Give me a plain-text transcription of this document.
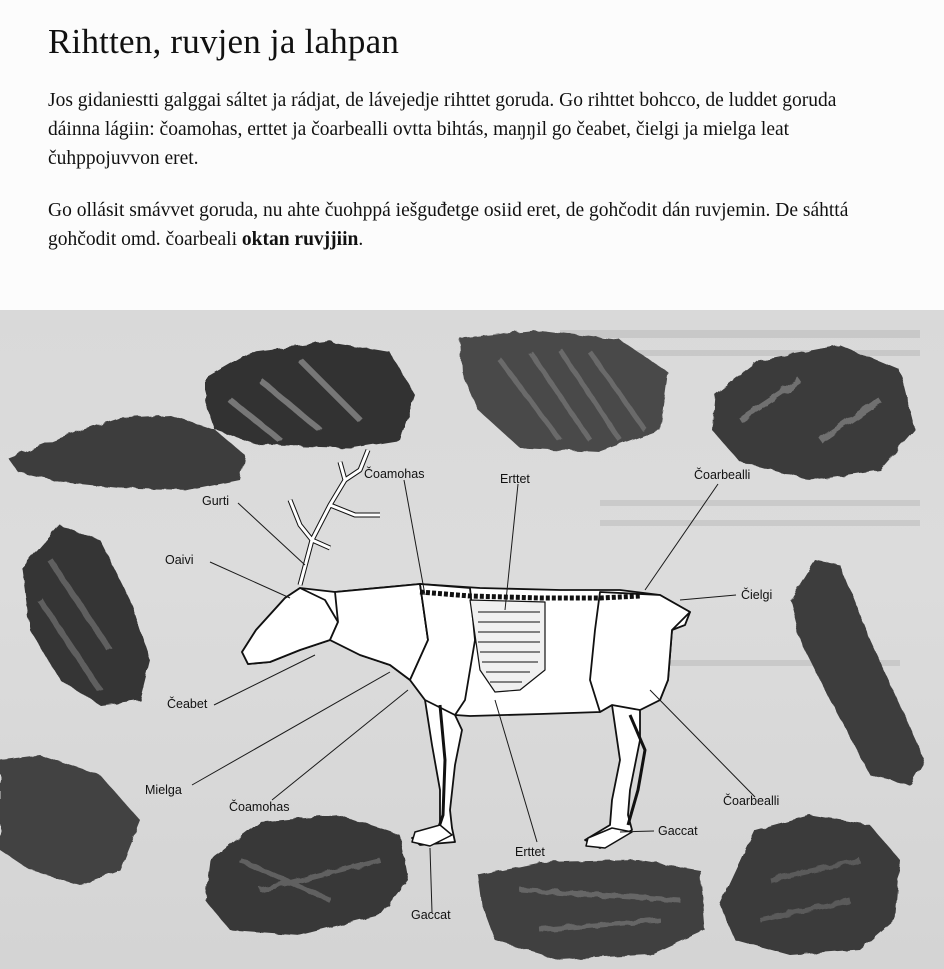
Rihtten, ruvjen ja lahpan
Jos gidaniestti galggai sáltet ja rádjat, de lávejedje rihttet goruda. Go rihttet bohcco, de luddet goruda dáinna lágiin: čoamohas, erttet ja čoarbealli ovtta bihtás, maŋŋil go čeabet, čielgi ja mielga leat čuhppojuvvon eret.
Go ollásit smávvet goruda, nu ahte čuohppá iešguđetge osiid eret, de gohčodit dán ruvjemin. De sáhttá gohčodit omd. čoarbeali oktan ruvjjiin.
Gurti
Oaivi
Čeabet
Mielga
Čoamohas
Čoamohas
Erttet
Erttet
Čoarbealli
Čoarbealli
Čielgi
Gaccat
Gaccat
